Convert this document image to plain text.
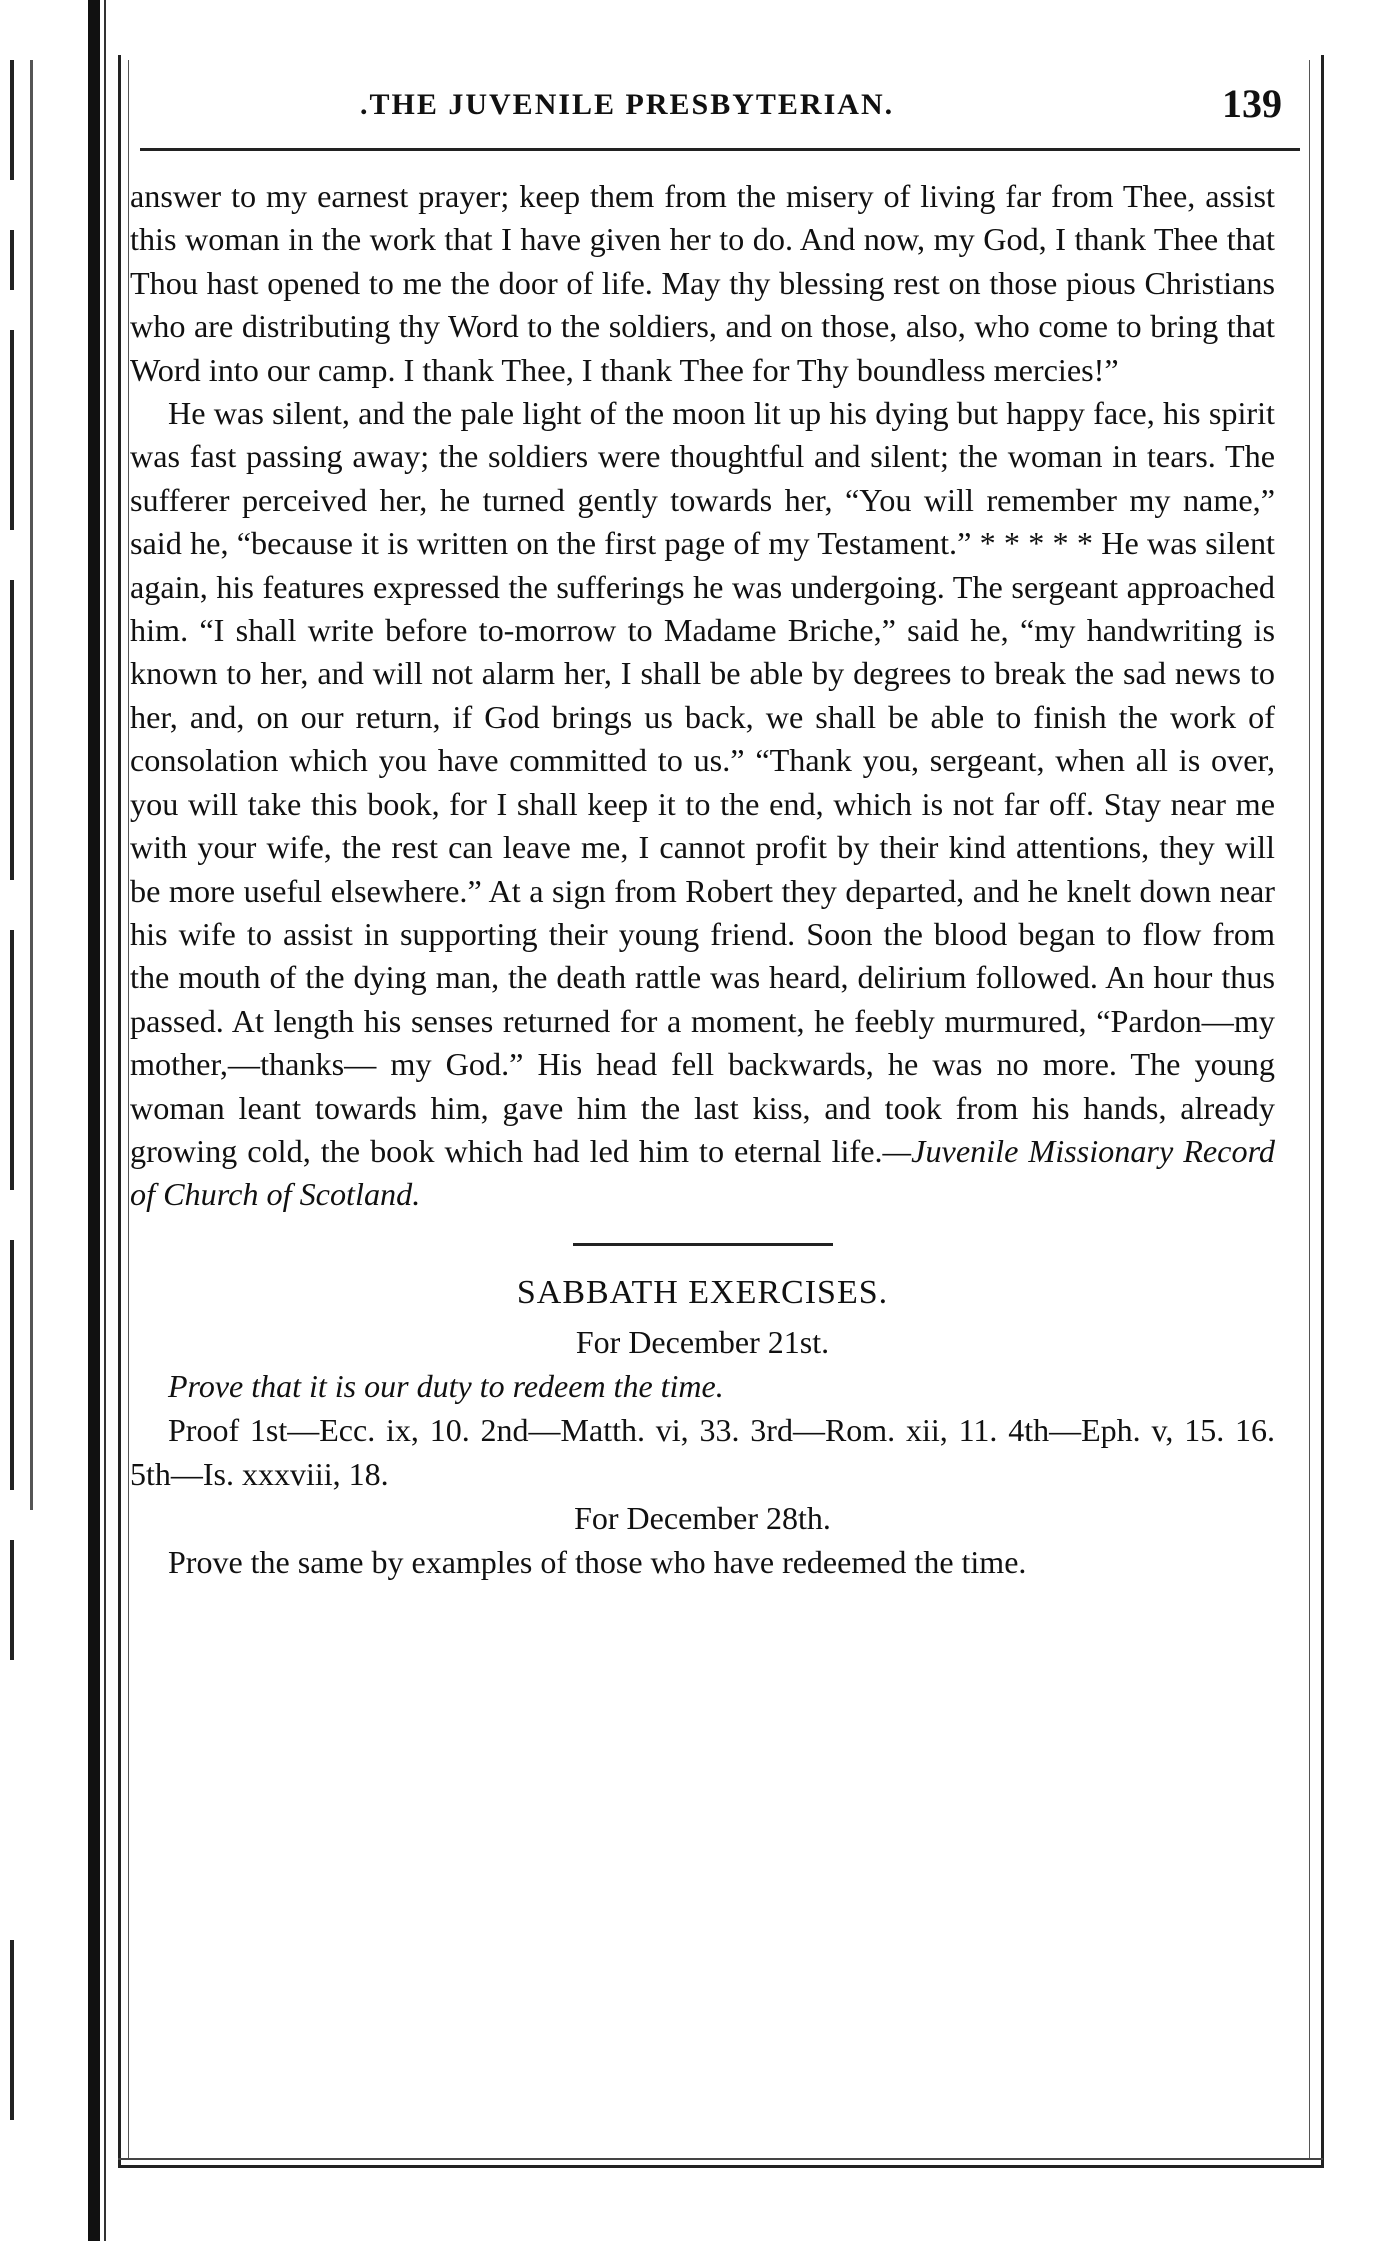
.THE JUVENILE PRESBYTERIAN.	139

answer to my earnest prayer; keep them from the misery of living far from Thee, assist this woman in the work that I have given her to do. And now, my God, I thank Thee that Thou hast opened to me the door of life. May thy blessing rest on those pious Christians who are distributing thy Word to the soldiers, and on those, also, who come to bring that Word into our camp. I thank Thee, I thank Thee for Thy boundless mercies!”

He was silent, and the pale light of the moon lit up his dying but happy face, his spirit was fast passing away; the soldiers were thoughtful and silent; the woman in tears. The sufferer perceived her, he turned gently towards her, “You will remember my name,” said he, “because it is written on the first page of my Testament.” * * * * * He was silent again, his features expressed the sufferings he was undergoing. The sergeant approached him. “I shall write before to-morrow to Madame Briche,” said he, “my handwriting is known to her, and will not alarm her, I shall be able by degrees to break the sad news to her, and, on our return, if God brings us back, we shall be able to finish the work of consolation which you have committed to us.” “Thank you, sergeant, when all is over, you will take this book, for I shall keep it to the end, which is not far off. Stay near me with your wife, the rest can leave me, I cannot profit by their kind attentions, they will be more useful elsewhere.” At a sign from Robert they departed, and he knelt down near his wife to assist in supporting their young friend. Soon the blood began to flow from the mouth of the dying man, the death rattle was heard, delirium followed. An hour thus passed. At length his senses returned for a moment, he feebly murmured, “Pardon—my mother,—thanks— my God.” His head fell backwards, he was no more. The young woman leant towards him, gave him the last kiss, and took from his hands, already growing cold, the book which had led him to eternal life.—Juvenile Missionary Record of Church of Scotland.

SABBATH EXERCISES.

For December 21st.

Prove that it is our duty to redeem the time.

Proof 1st—Ecc. ix, 10. 2nd—Matth. vi, 33. 3rd—Rom. xii, 11. 4th—Eph. v, 15. 16. 5th—Is. xxxviii, 18.

For December 28th.

Prove the same by examples of those who have redeemed the time.
